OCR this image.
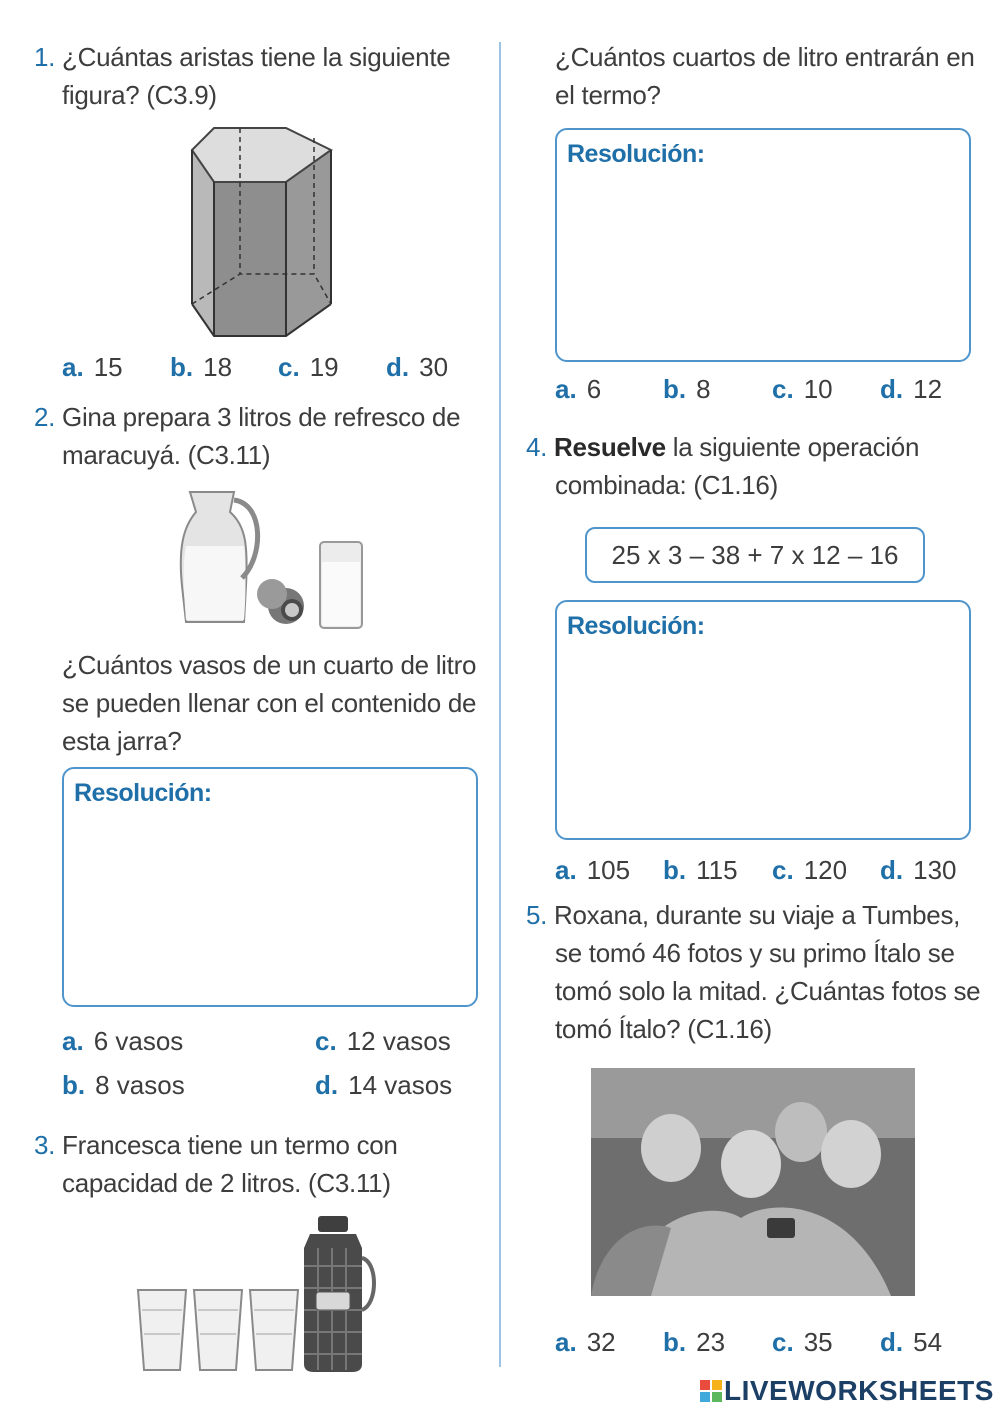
1. ¿Cuántas aristas tiene la siguiente
figura? (C3.9)
a. 15 b. 18 c. 19 d. 30
2. Gina prepara 3 litros de refresco de
maracuyá. (C3.11)
¿Cuántos vasos de un cuarto de litro
se pueden llenar con el contenido de
esta jarra?
Resolución:
a. 6 vasos	c. 12 vasos
b. 8 vasos	d. 14 vasos
3. Francesca tiene un termo con
capacidad de 2 litros. (C3.11)
¿Cuántos cuartos de litro entrarán en
el termo?
Resolución:
a. 6 b. 8 c. 10 d. 12
4. Resuelve la siguiente operación
combinada: (C1.16)
25 x 3 – 38 + 7 x 12 – 16
Resolución:
a. 105 b. 115 c. 120 d. 130
5. Roxana, durante su viaje a Tumbes,
se tomó 46 fotos y su primo Ítalo se
tomó solo la mitad. ¿Cuántas fotos se
tomó Ítalo? (C1.16)
a. 32 b. 23 c. 35 d. 54
LIVEWORKSHEETS
